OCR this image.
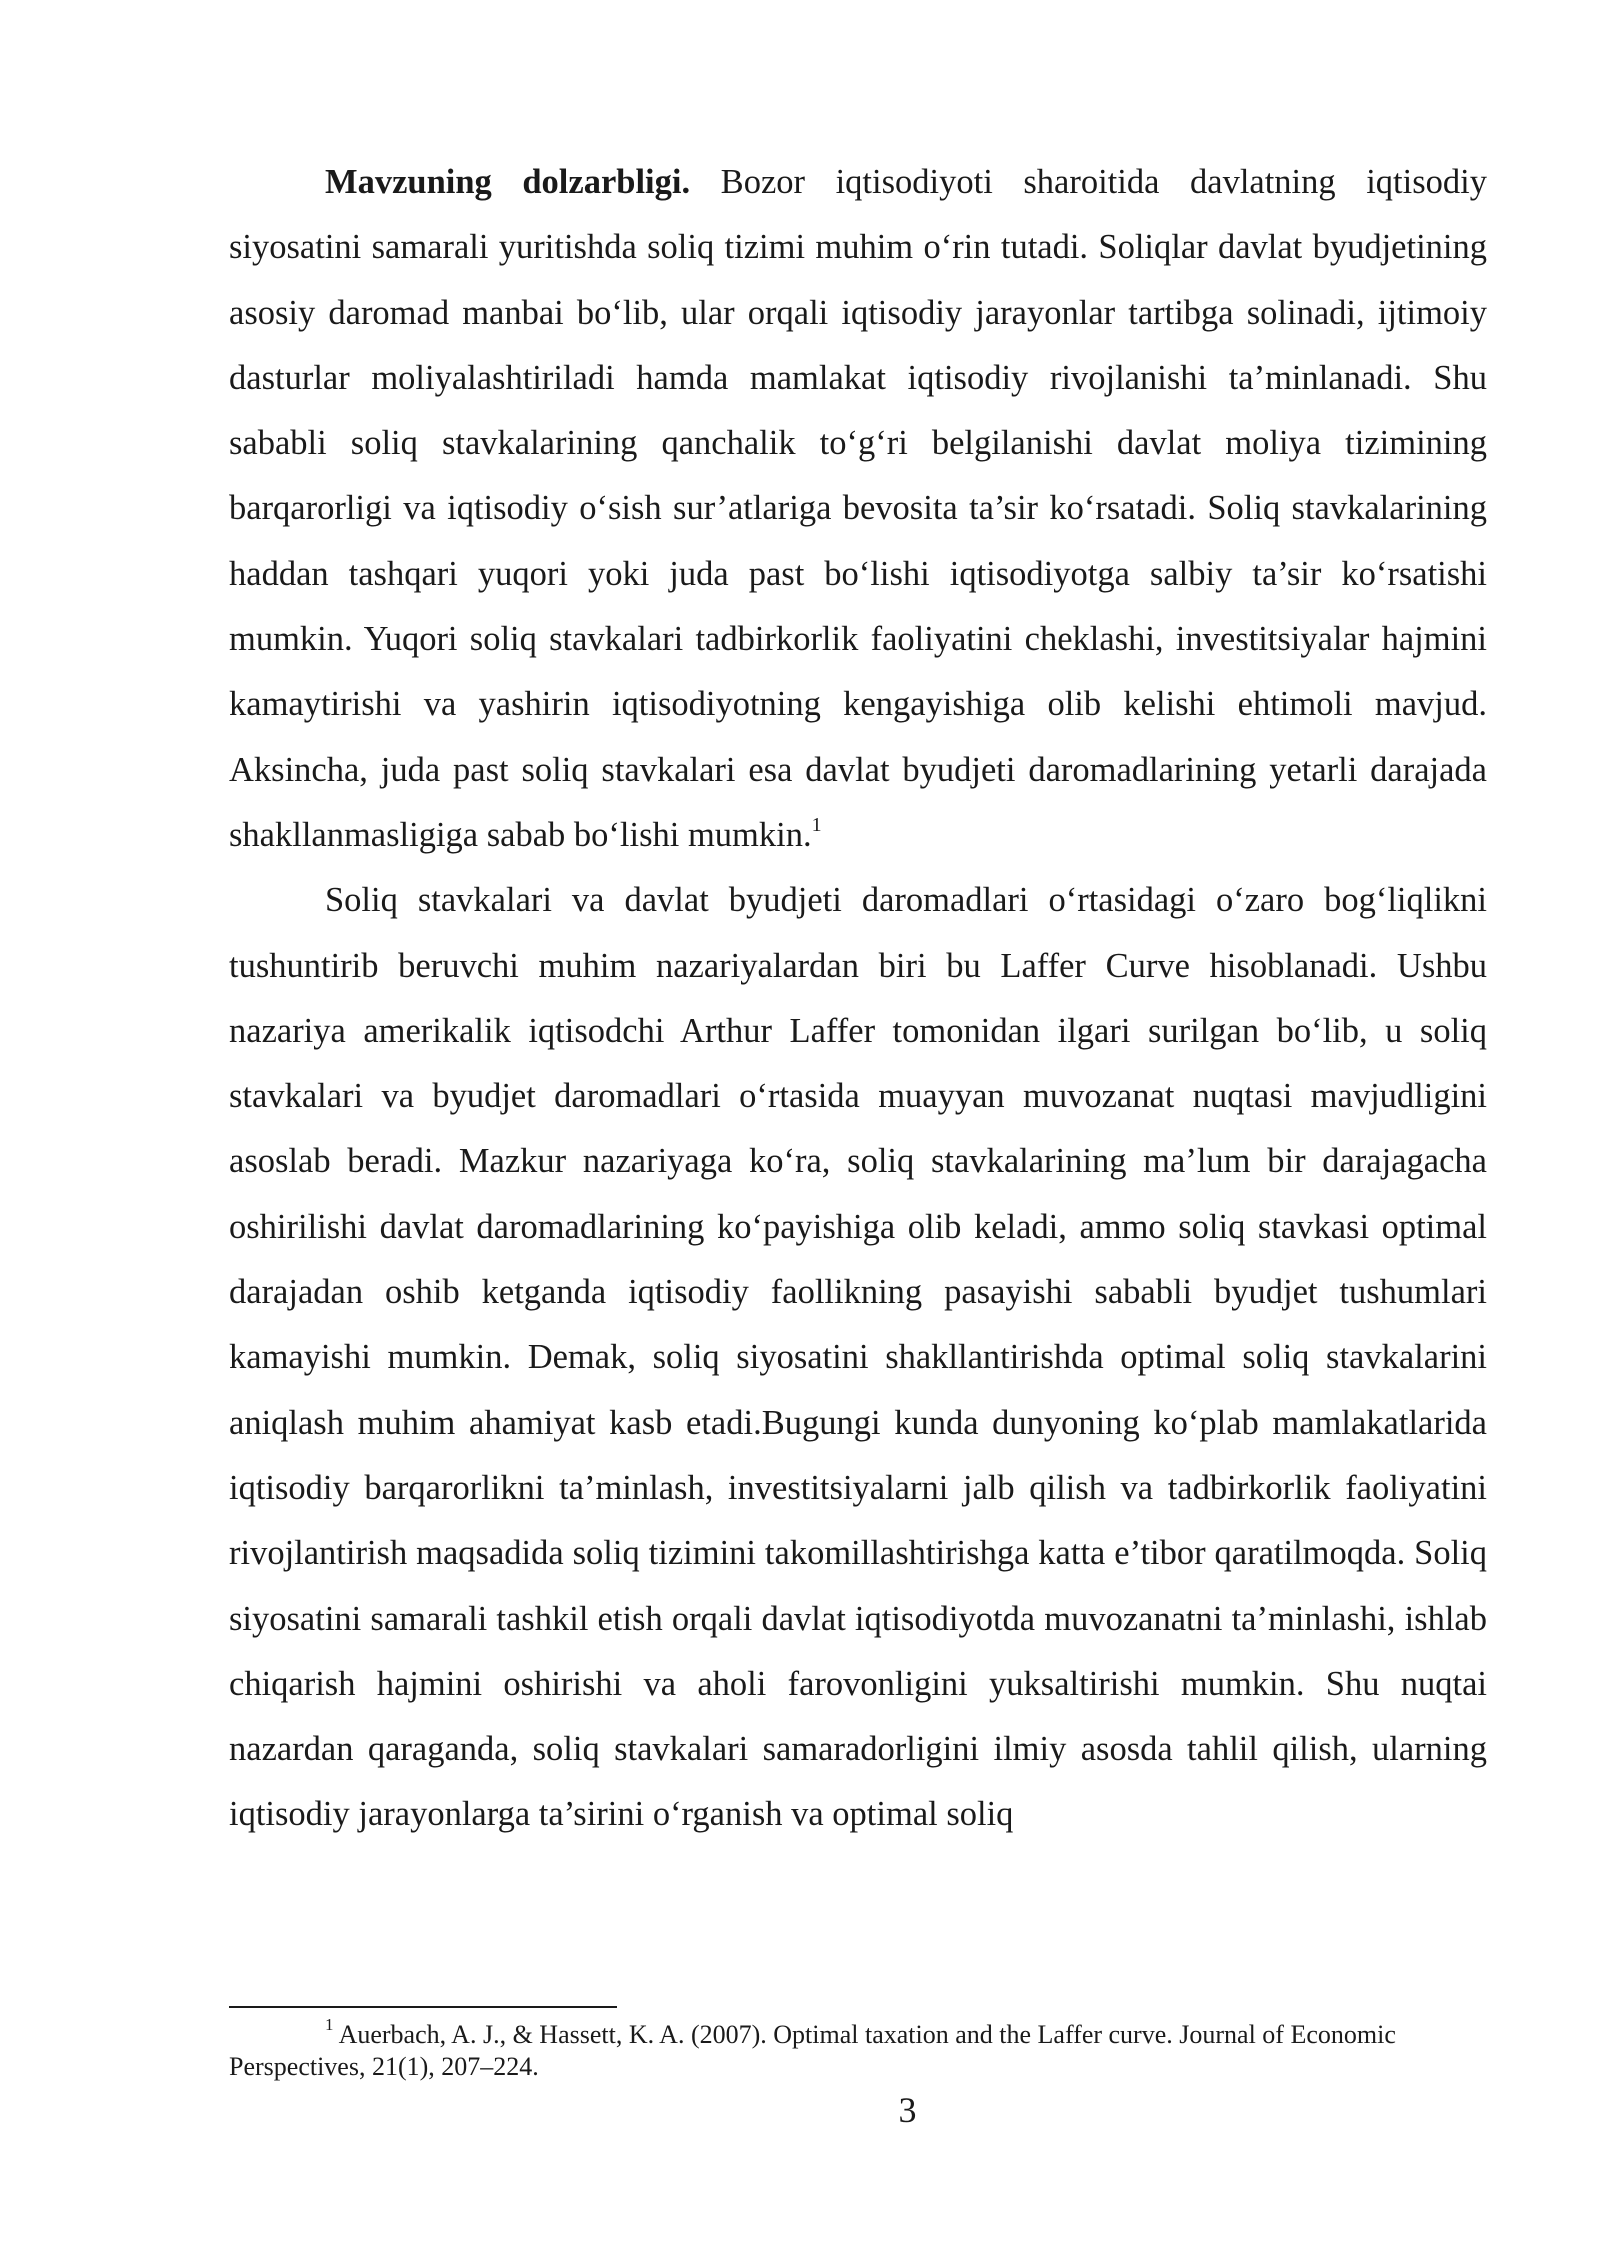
Mavzuning dolzarbligi. Bozor iqtisodiyoti sharoitida davlatning iqtisodiy siyosatini samarali yuritishda soliq tizimi muhim o‘rin tutadi. Soliqlar davlat byudjetining asosiy daromad manbai bo‘lib, ular orqali iqtisodiy jarayonlar tartibga solinadi, ijtimoiy dasturlar moliyalashtiriladi hamda mamlakat iqtisodiy rivojlanishi ta’minlanadi. Shu sababli soliq stavkalarining qanchalik to‘g‘ri belgilanishi davlat moliya tizimining barqarorligi va iqtisodiy o‘sish sur’atlariga bevosita ta’sir ko‘rsatadi. Soliq stavkalarining haddan tashqari yuqori yoki juda past bo‘lishi iqtisodiyotga salbiy ta’sir ko‘rsatishi mumkin. Yuqori soliq stavkalari tadbirkorlik faoliyatini cheklashi, investitsiyalar hajmini kamaytirishi va yashirin iqtisodiyotning kengayishiga olib kelishi ehtimoli mavjud. Aksincha, juda past soliq stavkalari esa davlat byudjeti daromadlarining yetarli darajada shakllanmasligiga sabab bo‘lishi mumkin.$^1$

Soliq stavkalari va davlat byudjeti daromadlari o‘rtasidagi o‘zaro bog‘liqlikni tushuntirib beruvchi muhim nazariyalardan biri bu Laffer Curve hisoblanadi. Ushbu nazariya amerikalik iqtisodchi Arthur Laffer tomonidan ilgari surilgan bo‘lib, u soliq stavkalari va byudjet daromadlari o‘rtasida muayyan muvozanat nuqtasi mavjudligini asoslab beradi. Mazkur nazariyaga ko‘ra, soliq stavkalarining ma’lum bir darajagacha oshirilishi davlat daromadlarining ko‘payishiga olib keladi, ammo soliq stavkasi optimal darajadan oshib ketganda iqtisodiy faollikning pasayishi sababli byudjet tushumlari kamayishi mumkin. Demak, soliq siyosatini shakllantirishda optimal soliq stavkalarini aniqlash muhim ahamiyat kasb etadi.Bugungi kunda dunyoning ko‘plab mamlakatlarida iqtisodiy barqarorlikni ta’minlash, investitsiyalarni jalb qilish va tadbirkorlik faoliyatini rivojlantirish maqsadida soliq tizimini takomillashtirishga katta e’tibor qaratilmoqda. Soliq siyosatini samarali tashkil etish orqali davlat iqtisodiyotda muvozanatni ta’minlashi, ishlab chiqarish hajmini oshirishi va aholi farovonligini yuksaltirishi mumkin. Shu nuqtai nazardan qaraganda, soliq stavkalari samaradorligini ilmiy asosda tahlil qilish, ularning iqtisodiy jarayonlarga ta’sirini o‘rganish va optimal soliq

$^1$ Auerbach, A. J., & Hassett, K. A. (2007). Optimal taxation and the Laffer curve. Journal of Economic Perspectives, 21(1), 207–224.

3
